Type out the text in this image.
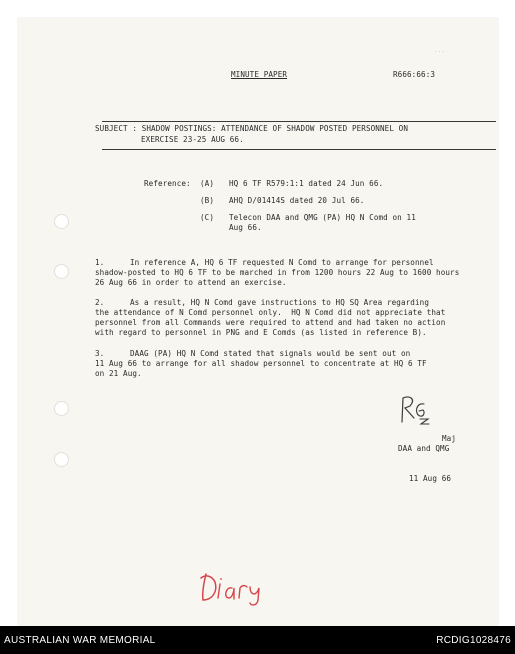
...
MINUTE PAPER	R666:66:3
SUBJECT : SHADOW POSTINGS: ATTENDANCE OF SHADOW POSTED PERSONNEL ON
EXERCISE 23-25 AUG 66.
Reference: (A) HQ 6 TF R579:1:1 dated 24 Jun 66.
(B) AHQ D/01414S dated 20 Jul 66.
(C) Telecon DAA and QMG (PA) HQ N Comd on 11
Aug 66.
1.	In reference A, HQ 6 TF requested N Comd to arrange for personnel
shadow-posted to HQ 6 TF to be marched in from 1200 hours 22 Aug to 1600 hours
26 Aug 66 in order to attend an exercise.
2.	As a result, HQ N Comd gave instructions to HQ SQ Area regarding
the attendance of N Comd personnel only.  HQ N Comd did not appreciate that
personnel from all Commands were required to attend and had taken no action
with regard to personnel in PNG and E Comds (as listed in reference B).
3.	DAAG (PA) HQ N Comd stated that signals would be sent out on
11 Aug 66 to arrange for all shadow personnel to concentrate at HQ 6 TF
on 21 Aug.
Maj
DAA and QMG
11 Aug 66
AUSTRALIAN WAR MEMORIAL	RCDIG1028476
